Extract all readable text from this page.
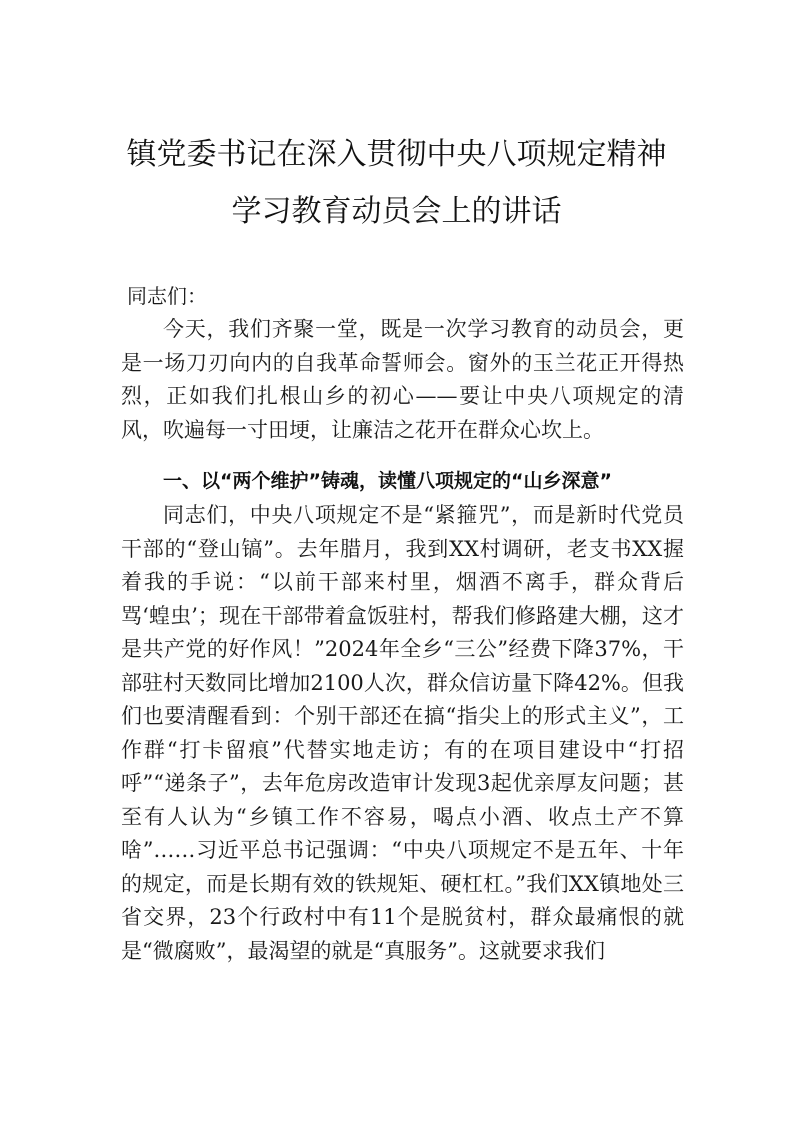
镇党委书记在深入贯彻中央八项规定精神
学习教育动员会上的讲话
同志们：
今天，我们齐聚一堂，既是一次学习教育的动员会，更是一场刀刃向内的自我革命誓师会。窗外的玉兰花正开得热烈，正如我们扎根山乡的初心——要让中央八项规定的清风，吹遍每一寸田埂，让廉洁之花开在群众心坎上。
一、以“两个维护”铸魂，读懂八项规定的“山乡深意”
同志们，中央八项规定不是“紧箍咒”，而是新时代党员干部的“登山镐”。去年腊月，我到XX村调研，老支书XX握着我的手说：“以前干部来村里，烟酒不离手，群众背后骂‘蝗虫’；现在干部带着盒饭驻村，帮我们修路建大棚，这才是共产党的好作风！”2024年全乡“三公”经费下降37%，干部驻村天数同比增加2100人次，群众信访量下降42%。但我们也要清醒看到：个别干部还在搞“指尖上的形式主义”，工作群“打卡留痕”代替实地走访；有的在项目建设中“打招呼”“递条子”，去年危房改造审计发现3起优亲厚友问题；甚至有人认为“乡镇工作不容易，喝点小酒、收点土产不算啥”……习近平总书记强调：“中央八项规定不是五年、十年的规定，而是长期有效的铁规矩、硬杠杠。”我们XX镇地处三省交界，23个行政村中有11个是脱贫村，群众最痛恨的就是“微腐败”，最渴望的就是“真服务”。这就要求我们
